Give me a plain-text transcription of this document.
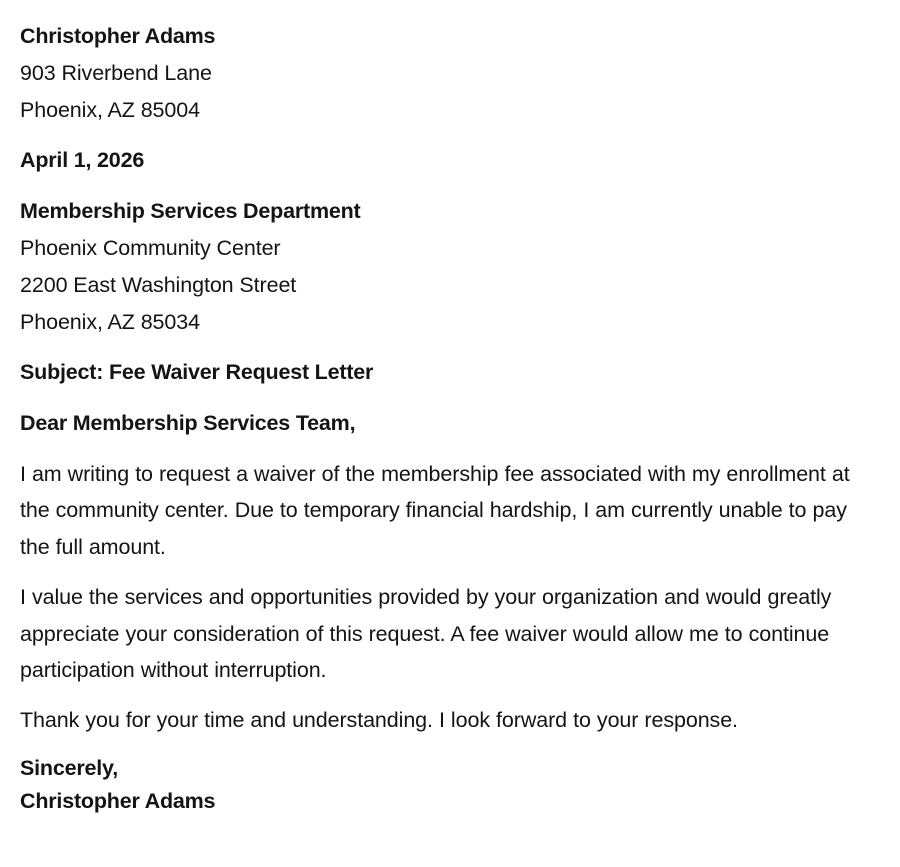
Christopher Adams

903 Riverbend Lane

Phoenix, AZ 85004

April 1, 2026

Membership Services Department

Phoenix Community Center

2200 East Washington Street

Phoenix, AZ 85034

Subject: Fee Waiver Request Letter

Dear Membership Services Team,

I am writing to request a waiver of the membership fee associated with my enrollment at the community center. Due to temporary financial hardship, I am currently unable to pay the full amount.

I value the services and opportunities provided by your organization and would greatly appreciate your consideration of this request. A fee waiver would allow me to continue participation without interruption.

Thank you for your time and understanding. I look forward to your response.

Sincerely,

Christopher Adams
